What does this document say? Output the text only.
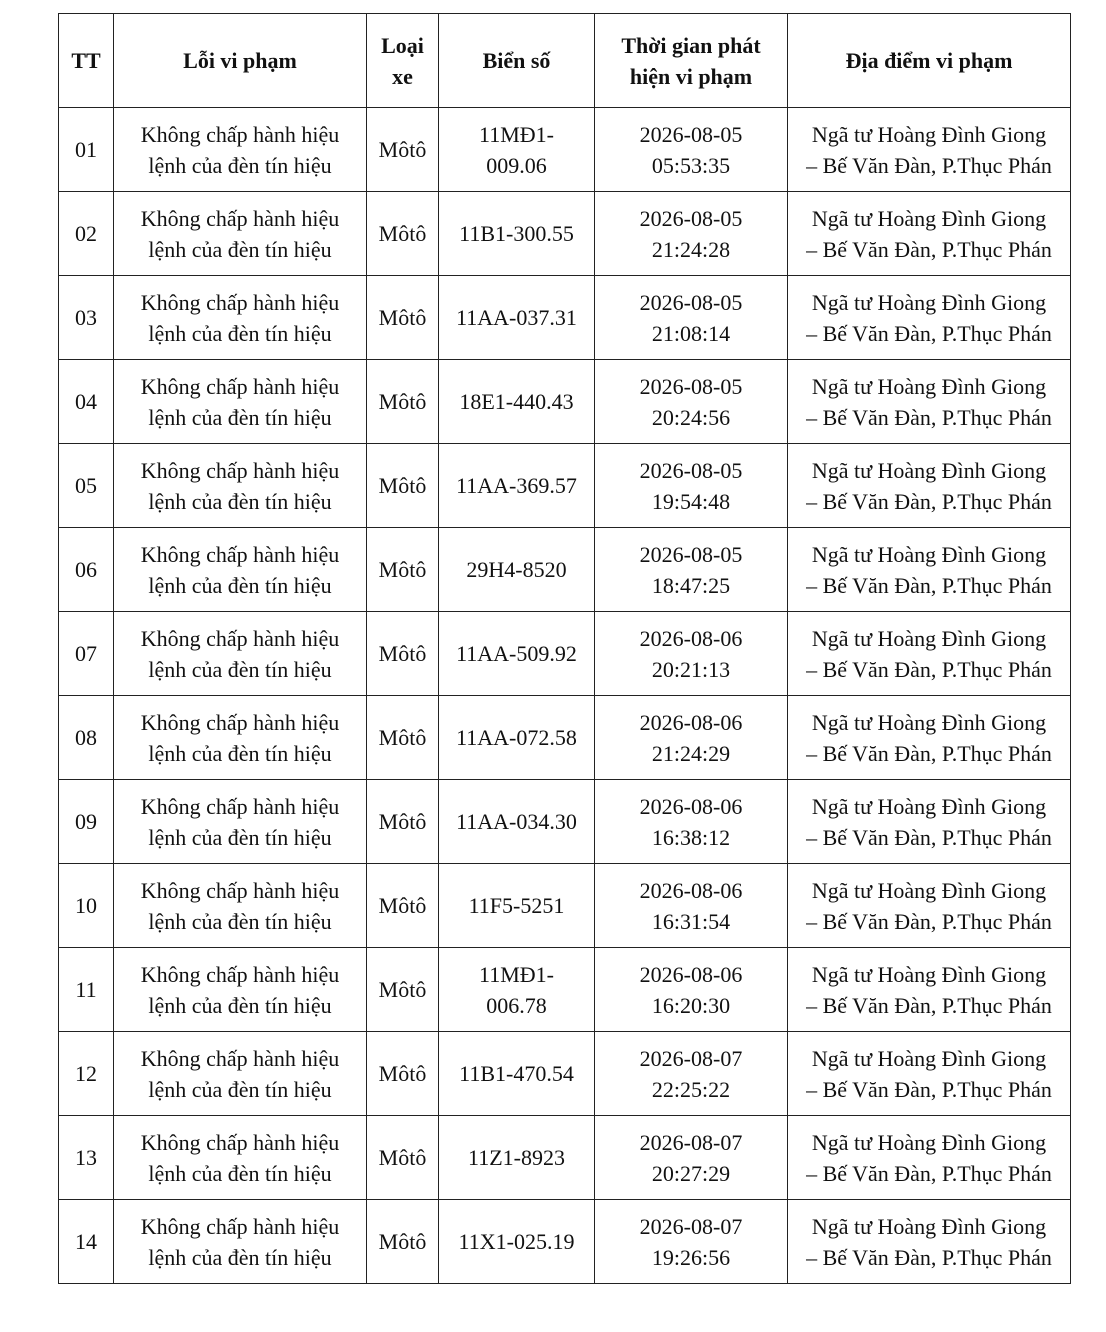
TT	Lỗi vi phạm	Loại
xe	Biển số	Thời gian phát
hiện vi phạm	Địa điểm vi phạm
01	Không chấp hành hiệu
lệnh của đèn tín hiệu	Môtô	11MĐ1-
009.06	2026-08-05
05:53:35	Ngã tư Hoàng Đình Giong
– Bế Văn Đàn, P.Thục Phán

02	Không chấp hành hiệu
lệnh của đèn tín hiệu	Môtô	11B1-300.55	2026-08-05
21:24:28	Ngã tư Hoàng Đình Giong
– Bế Văn Đàn, P.Thục Phán

03	Không chấp hành hiệu
lệnh của đèn tín hiệu	Môtô	11AA-037.31	2026-08-05
21:08:14	Ngã tư Hoàng Đình Giong
– Bế Văn Đàn, P.Thục Phán

04	Không chấp hành hiệu
lệnh của đèn tín hiệu	Môtô	18E1-440.43	2026-08-05
20:24:56	Ngã tư Hoàng Đình Giong
– Bế Văn Đàn, P.Thục Phán

05	Không chấp hành hiệu
lệnh của đèn tín hiệu	Môtô	11AA-369.57	2026-08-05
19:54:48	Ngã tư Hoàng Đình Giong
– Bế Văn Đàn, P.Thục Phán

06	Không chấp hành hiệu
lệnh của đèn tín hiệu	Môtô	29H4-8520	2026-08-05
18:47:25	Ngã tư Hoàng Đình Giong
– Bế Văn Đàn, P.Thục Phán

07	Không chấp hành hiệu
lệnh của đèn tín hiệu	Môtô	11AA-509.92	2026-08-06
20:21:13	Ngã tư Hoàng Đình Giong
– Bế Văn Đàn, P.Thục Phán

08	Không chấp hành hiệu
lệnh của đèn tín hiệu	Môtô	11AA-072.58	2026-08-06
21:24:29	Ngã tư Hoàng Đình Giong
– Bế Văn Đàn, P.Thục Phán

09	Không chấp hành hiệu
lệnh của đèn tín hiệu	Môtô	11AA-034.30	2026-08-06
16:38:12	Ngã tư Hoàng Đình Giong
– Bế Văn Đàn, P.Thục Phán

10	Không chấp hành hiệu
lệnh của đèn tín hiệu	Môtô	11F5-5251	2026-08-06
16:31:54	Ngã tư Hoàng Đình Giong
– Bế Văn Đàn, P.Thục Phán

11	Không chấp hành hiệu
lệnh của đèn tín hiệu	Môtô	11MĐ1-
006.78	2026-08-06
16:20:30	Ngã tư Hoàng Đình Giong
– Bế Văn Đàn, P.Thục Phán

12	Không chấp hành hiệu
lệnh của đèn tín hiệu	Môtô	11B1-470.54	2026-08-07
22:25:22	Ngã tư Hoàng Đình Giong
– Bế Văn Đàn, P.Thục Phán

13	Không chấp hành hiệu
lệnh của đèn tín hiệu	Môtô	11Z1-8923	2026-08-07
20:27:29	Ngã tư Hoàng Đình Giong
– Bế Văn Đàn, P.Thục Phán

14	Không chấp hành hiệu
lệnh của đèn tín hiệu	Môtô	11X1-025.19	2026-08-07
19:26:56	Ngã tư Hoàng Đình Giong
– Bế Văn Đàn, P.Thục Phán
